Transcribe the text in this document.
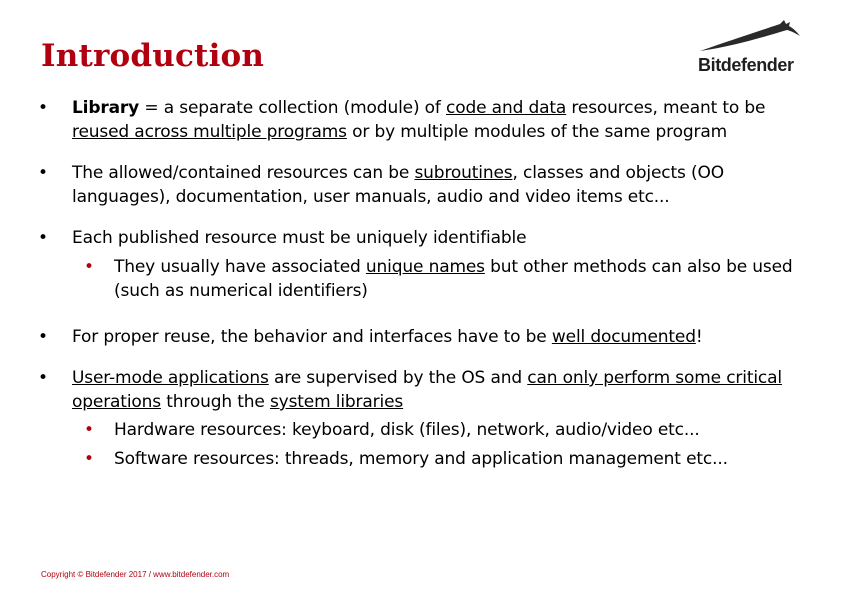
Introduction	Bitdefender
• Library = a separate collection (module) of code and data resources, meant to be reused across multiple programs or by multiple modules of the same program
• The allowed/contained resources can be subroutines, classes and objects (OO languages), documentation, user manuals, audio and video items etc...
• Each published resource must be uniquely identifiable
• They usually have associated unique names but other methods can also be used (such as numerical identifiers)
• For proper reuse, the behavior and interfaces have to be well documented!
• User-mode applications are supervised by the OS and can only perform some critical operations through the system libraries
• Hardware resources: keyboard, disk (files), network, audio/video etc...
• Software resources: threads, memory and application management etc...
Copyright © Bitdefender 2017 / www.bitdefender.com
